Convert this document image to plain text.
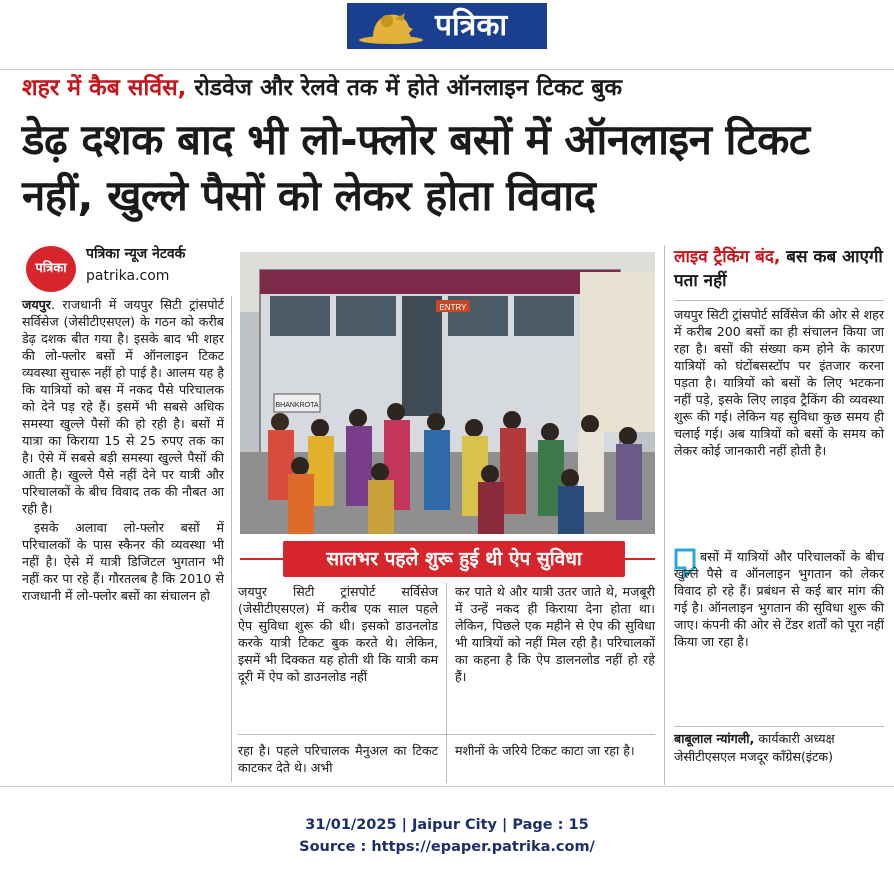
पत्रिका
शहर में कैब सर्विस, रोडवेज और रेलवे तक में होते ऑनलाइन टिकट बुक
डेढ़ दशक बाद भी लो-फ्लोर बसों में ऑनलाइन टिकट नहीं, खुल्ले पैसों को लेकर होता विवाद
पत्रिका
पत्रिका न्यूज नेटवर्क
patrika.com

जयपुर. राजधानी में जयपुर सिटी ट्रांसपोर्ट सर्विसेज (जेसीटीएसएल) के गठन को करीब डेढ़ दशक बीत गया है। इसके बाद भी शहर की लो-फ्लोर बसों में ऑनलाइन टिकट व्यवस्था सुचारू नहीं हो पाई है। आलम यह है कि यात्रियों को बस में नकद पैसे परिचालक को देने पड़ रहे हैं। इसमें भी सबसे अधिक समस्या खुल्ले पैसों की हो रही है। बसों में यात्रा का किराया 15 से 25 रुपए तक का है। ऐसे में सबसे बड़ी समस्या खुल्ले पैसों की आती है। खुल्ले पैसे नहीं देने पर यात्री और परिचालकों के बीच विवाद तक की नौबत आ रही है।

इसके अलावा लो-फ्लोर बसों में परिचालकों के पास स्कैनर की व्यवस्था भी नहीं है। ऐसे में यात्री डिजिटल भुगतान भी नहीं कर पा रहे हैं। गौरतलब है कि 2010 से राजधानी में लो-फ्लोर बसों का संचालन हो

ENTRY
BHANKROTA
लाइव ट्रैकिंग बंद, बस कब आएगी पता नहीं
जयपुर सिटी ट्रांसपोर्ट सर्विसेज की ओर से शहर में करीब 200 बसों का ही संचालन किया जा रहा है। बसों की संख्या कम होने के कारण यात्रियों को घंटोंबसस्टॉप पर इंतजार करना पड़ता है। यात्रियों को बसों के लिए भटकना नहीं पड़े, इसके लिए लाइव ट्रैकिंग की व्यवस्था शुरू की गई। लेकिन यह सुविधा कुछ समय ही चलाई गई। अब यात्रियों को बसों के समय को लेकर कोई जानकारी नहीं होती है।
सालभर पहले शुरू हुई थी ऐप सुविधा
जयपुर सिटी ट्रांसपोर्ट सर्विसेज (जेसीटीएसएल) में करीब एक साल पहले ऐप सुविधा शुरू की थी। इसको डाउनलोड करके यात्री टिकट बुक करते थे। लेकिन, इसमें भी दिक्कत यह होती थी कि यात्री कम दूरी में ऐप को डाउनलोड नहीं
कर पाते थे और यात्री उतर जाते थे, मजबूरी में उन्हें नकद ही किराया देना होता था। लेकिन, पिछले एक महीने से ऐप की सुविधा भी यात्रियों को नहीं मिल रही है। परिचालकों का कहना है कि ऐप डालनलोड नहीं हो रहे हैं।
रहा है। पहले परिचालक मैनुअल का टिकट काटकर देते थे। अभी
मशीनों के जरिये टिकट काटा जा रहा है।

बसों में यात्रियों और परिचालकों के बीच खुल्ले पैसे व ऑनलाइन भुगतान को लेकर विवाद हो रहे हैं। प्रबंधन से कई बार मांग की गई है। ऑनलाइन भुगतान की सुविधा शुरू की जाए। कंपनी की ओर से टेंडर शर्तों को पूरा नहीं किया जा रहा है।

बाबूलाल न्यांगली, कार्यकारी अध्यक्ष जेसीटीएसएल मजदूर कॉंग्रेस(इंटक)
31/01/2025 | Jaipur City | Page : 15
Source : https://epaper.patrika.com/
